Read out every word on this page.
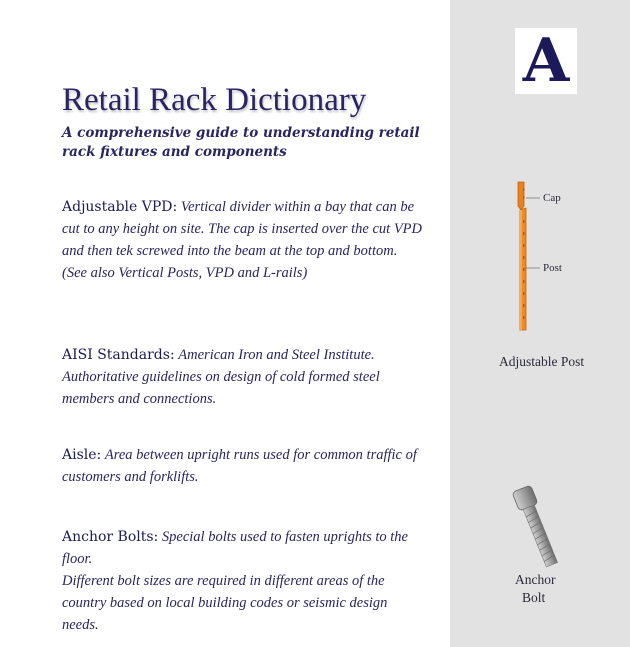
A
Retail Rack Dictionary
A comprehensive guide to understanding retail rack fixtures and components
Adjustable VPD: Vertical divider within a bay that can be cut to any height on site. The cap is inserted over the cut VPD and then tek screwed into the beam at the top and bottom.
(See also Vertical Posts, VPD and L-rails)
AISI Standards: American Iron and Steel Institute. Authoritative guidelines on design of cold formed steel members and connections.
Aisle: Area between upright runs used for common traffic of customers and forklifts.
Anchor Bolts: Special bolts used to fasten uprights to the floor.
Different bolt sizes are required in different areas of the country based on local building codes or seismic design needs.
Cap
Post
Adjustable Post
Anchor
Bolt
